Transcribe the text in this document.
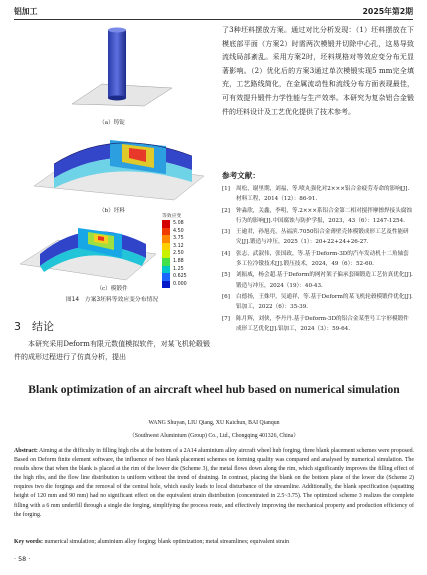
铝加工	2025年第2期
（a）铸锭
（b）坯料
等效应变
5.08
4.50
3.75
3.12
2.50
1.88
1.25
0.625
0.000
（c）模锻件
图14　方案3坯料等效应变分布情况
3　结论
本研究采用Deform有限元数值模拟软件，对某飞机轮毂锻件的成形过程进行了仿真分析，提出

了3种坯料摆放方案。通过对比分析发现：（1）坯料摆放在下模底部平面（方案2）时需两次模锻并切除中心孔，这易导致流线局部紊乱。采用方案2时，坯料规格对等效应变分布无显著影响。（2）优化后的方案3通过单次模锻实现5 mm完全填充，工艺路线简化，在金属流动性和流线分布方面表现最佳，可有效提升锻件力学性能与生产效率。本研究为复杂铝合金锻件的坯料设计及工艺优化提供了技术参考。

参考文献：
[1] 周松，谢里期，刘福，等.喷丸强化对2×××铝合金疲劳寿命的影响[J].材料工程，2014（12）：86-91.
[2] 钟淼欣，关鑫，李明，等.2×××系铝合金第二相对搅拌摩擦焊接头腐蚀行为的影响[J].中国腐蚀与防护学报，2023，43（6）：1247-1254.
[3] 王逾君，孙旭亮，丛福滨.7050铝合金薄壁壳体模锻成形工艺及性能研究[J].锻造与冲压，2025（1）：20+22+24+26-27.
[4] 张志，武淑伟，张国政，等.基于Deform-3D的汽车发动机十二角轴套多工位冷镦技术[J].锻压技术，2024，49（6）：52-60.
[5] 刘振威，杨会超.基于Deform的网衬架子偏承套圈锻造工艺仿真优化[J].锻造与冲压，2024（19）：40-43.
[6] 白德扬，王姝甲，吴通祥，等.基于Deform的某飞机轮毂模锻件优化[J].铝加工，2022（6）：35-39.
[7] 陈月辉，刘侠，李丹丹.基于Deform-3D的铝合金某型号工字形模锻件成形工艺优化[J].铝加工，2024（3）：59-64.
Blank optimization of an aircraft wheel hub based on numerical simulation
WANG Shuyan, LIU Qiang, XU Kaichun, BAI Qianqun
（Southwest Aluminium (Group) Co., Ltd., Chongqing 401326, China）
Abstract: Aiming at the difficulty in filling high ribs at the bottom of a 2A14 aluminium alloy aircraft wheel hub forging, three blank placement schemes were proposed. Based on Deform finite element software, the influence of two blank placement schemes on forming quality was compared and analysed by numerical simulation. The results show that when the blank is placed at the rim of the lower die (Scheme 3), the metal flows down along the rim, which significantly improves the filling effect of the high ribs, and the flow line distribution is uniform without the trend of draining. In contrast, placing the blank on the bottom plane of the lower die (Scheme 2) requires two die forgings and the removal of the central hole, which easily leads to local disturbance of the streamline. Additionally, the blank specification (squatting height of 120 mm and 90 mm) had no significant effect on the equivalent strain distribution (concentrated in 2.5~3.75). The optimized scheme 3 realizes the complete filling with a 6 mm underfill through a single die forging, simplifying the process route, and effectively improving the mechanical property and production efficiency of the forging.
Key words: numerical simulation; aluminium alloy forging; blank optimization; metal streamlines; equivalent strain
· 58 ·
